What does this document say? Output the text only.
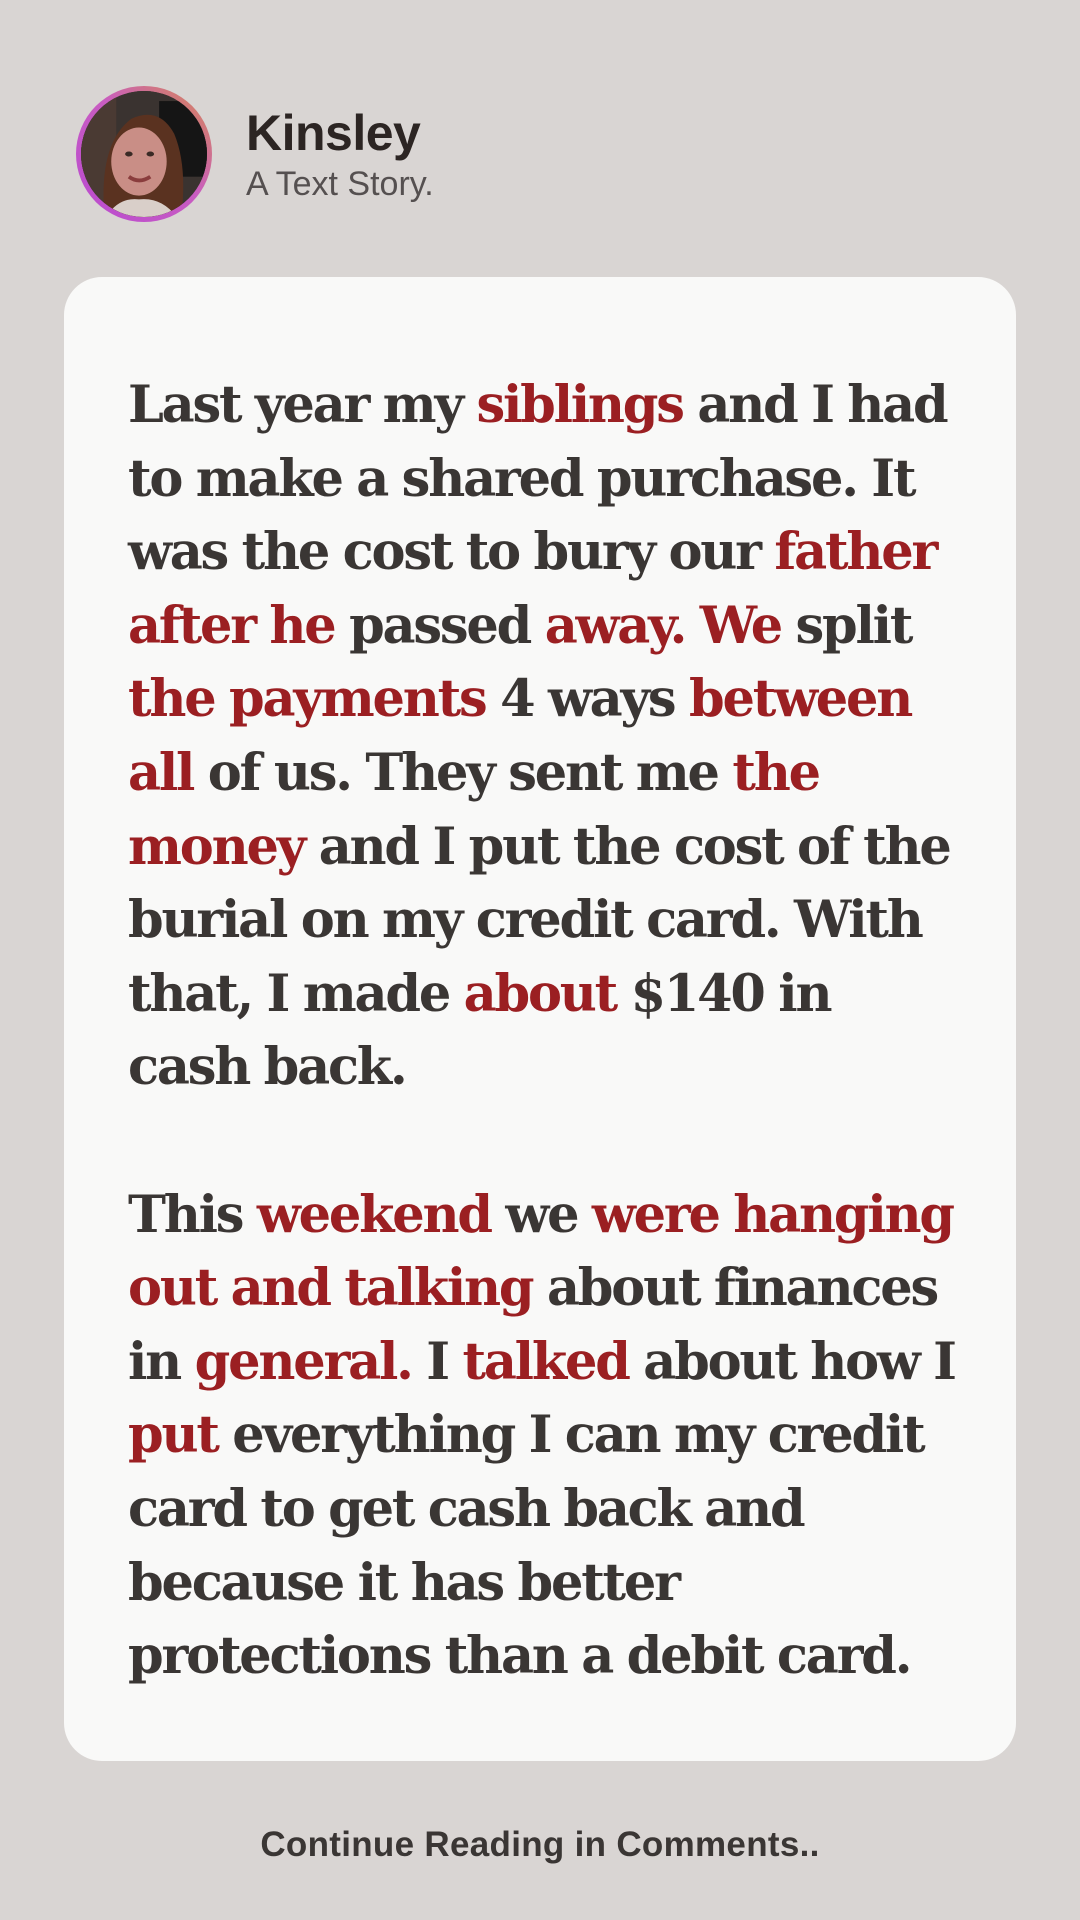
Kinsley
A Text Story.

Last year my siblings and I had to make a shared purchase. It was the cost to bury our father after he passed away. We split the payments 4 ways between all of us. They sent me the money and I put the cost of the burial on my credit card. With that, I made about $140 in cash back.

This weekend we were hanging out and talking about finances in general. I talked about how I put everything I can my credit card to get cash back and because it has better protections than a debit card.

Continue Reading in Comments..
